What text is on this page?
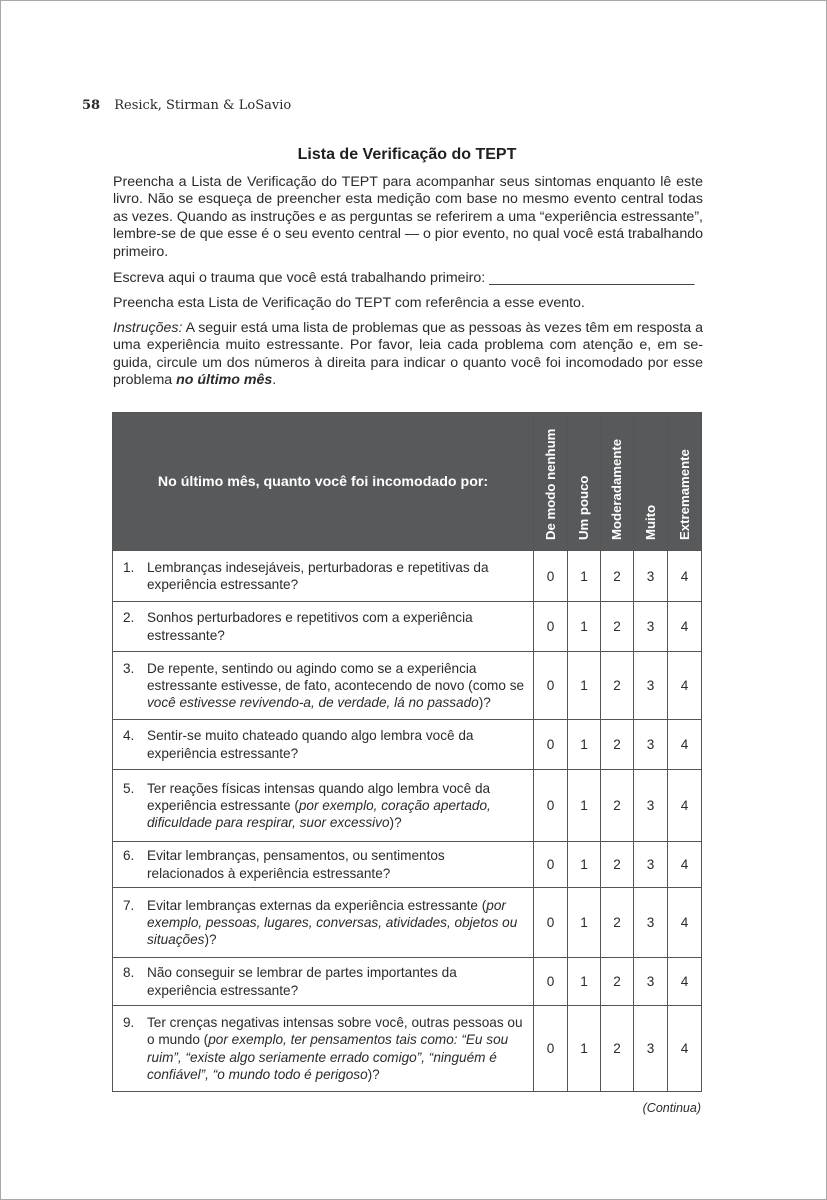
58 Resick, Stirman & LoSavio
Lista de Verificação do TEPT
Preencha a Lista de Verificação do TEPT para acompanhar seus sintomas enquanto lê este livro. Não se esqueça de preencher esta medição com base no mesmo evento central todas as vezes. Quando as instruções e as perguntas se referirem a uma “experiência estressante”, lembre-se de que esse é o seu evento central — o pior evento, no qual você está trabalhando primeiro.
Escreva aqui o trauma que você está trabalhando primeiro: __________________________
Preencha esta Lista de Verificação do TEPT com referência a esse evento.
Instruções: A seguir está uma lista de problemas que as pessoas às vezes têm em resposta a uma experiência muito estressante. Por favor, leia cada problema com atenção e, em seguida, circule um dos números à direita para indicar o quanto você foi incomodado por esse problema no último mês.
No último mês, quanto você foi incomodado por:	De modo nenhum	Um pouco	Moderadamente	Muito	Extremamente

1. Lembranças indesejáveis, perturbadoras e repetitivas da experiência estressante?	0	1	2	3	4

2. Sonhos perturbadores e repetitivos com a experiência estressante?	0	1	2	3	4

3. De repente, sentindo ou agindo como se a experiência estressante estivesse, de fato, acontecendo de novo (como se você estivesse revivendo-a, de verdade, lá no passado)?	0	1	2	3	4

4. Sentir-se muito chateado quando algo lembra você da experiência estressante?	0	1	2	3	4

5. Ter reações físicas intensas quando algo lembra você da experiência estressante (por exemplo, coração apertado, dificuldade para respirar, suor excessivo)?	0	1	2	3	4

6. Evitar lembranças, pensamentos, ou sentimentos relacionados à experiência estressante?	0	1	2	3	4

7. Evitar lembranças externas da experiência estressante (por exemplo, pessoas, lugares, conversas, atividades, objetos ou situações)?	0	1	2	3	4

8. Não conseguir se lembrar de partes importantes da experiência estressante?	0	1	2	3	4

9. Ter crenças negativas intensas sobre você, outras pessoas ou o mundo (por exemplo, ter pensamentos tais como: “Eu sou ruim”, “existe algo seriamente errado comigo”, “ninguém é confiável”, “o mundo todo é perigoso)?	0	1	2	3	4
(Continua)
